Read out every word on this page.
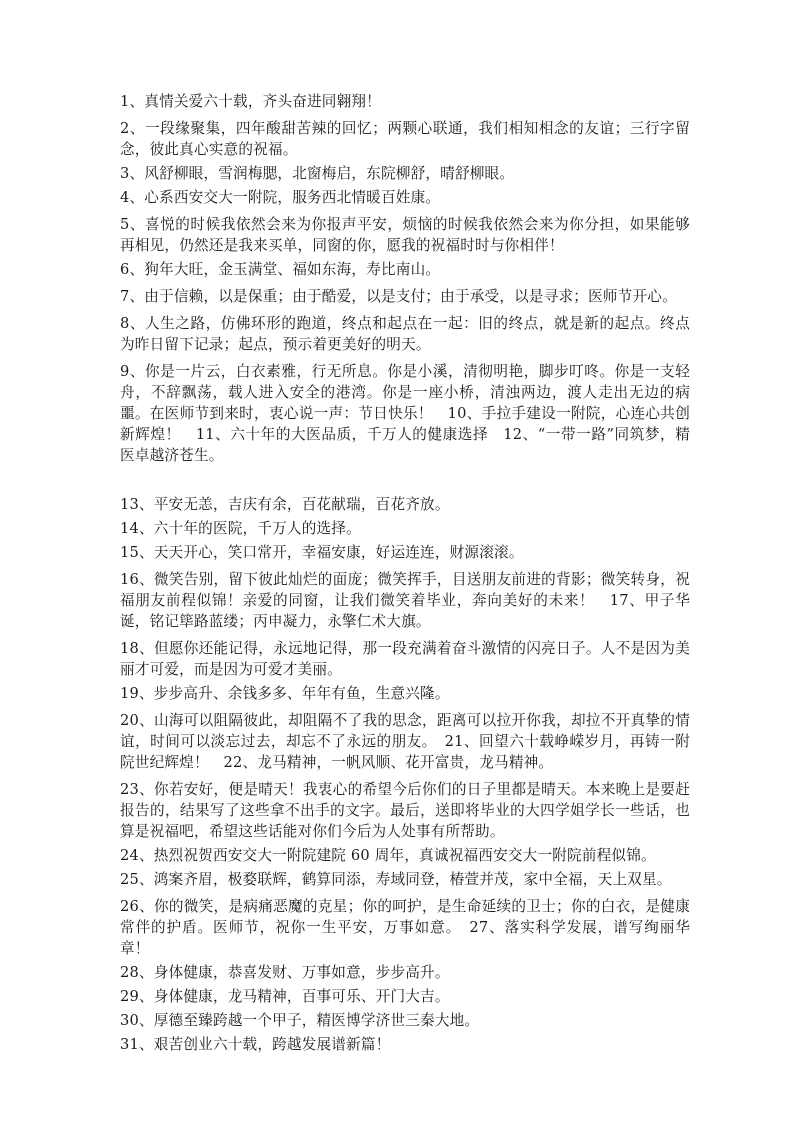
1、真情关爱六十载，齐头奋进同翱翔！

2、一段缘聚集，四年酸甜苦辣的回忆；两颗心联通，我们相知相念的友谊；三行字留念，彼此真心实意的祝福。

3、风舒柳眼，雪润梅腮，北窗梅启，东院柳舒，晴舒柳眼。

4、心系西安交大一附院，服务西北情暖百姓康。

5、喜悦的时候我依然会来为你报声平安，烦恼的时候我依然会来为你分担，如果能够再相见，仍然还是我来买单，同窗的你，愿我的祝福时时与你相伴！

6、狗年大旺，金玉满堂、福如东海，寿比南山。

7、由于信赖，以是保重；由于酷爱，以是支付；由于承受，以是寻求；医师节开心。

8、人生之路，仿佛环形的跑道，终点和起点在一起：旧的终点，就是新的起点。终点为昨日留下记录；起点，预示着更美好的明天。

9、你是一片云，白衣素雅，行无所息。你是小溪，清彻明艳，脚步叮咚。你是一支轻舟，不辞飘荡，载人进入安全的港湾。你是一座小桥，清浊两边，渡人走出无边的病噩。在医师节到来时，衷心说一声：节日快乐！　10、手拉手建设一附院，心连心共创新辉煌！　11、六十年的大医品质，千万人的健康选择　12、“一带一路”同筑梦，精医卓越济苍生。

13、平安无恙，吉庆有余，百花献瑞，百花齐放。

14、六十年的医院，千万人的选择。

15、天天开心，笑口常开，幸福安康，好运连连，财源滚滚。

16、微笑告别，留下彼此灿烂的面庞；微笑挥手，目送朋友前进的背影；微笑转身，祝福朋友前程似锦！亲爱的同窗，让我们微笑着毕业，奔向美好的未来！　17、甲子华诞，铭记筚路蓝缕；丙申凝力，永擎仁术大旗。

18、但愿你还能记得，永远地记得，那一段充满着奋斗激情的闪亮日子。人不是因为美丽才可爱，而是因为可爱才美丽。

19、步步高升、余钱多多、年年有鱼，生意兴隆。

20、山海可以阻隔彼此，却阻隔不了我的思念，距离可以拉开你我，却拉不开真挚的情谊，时间可以淡忘过去，却忘不了永远的朋友。　21、回望六十载峥嵘岁月，再铸一附院世纪辉煌！　22、龙马精神，一帆风顺、花开富贵，龙马精神。

23、你若安好，便是晴天！我衷心的希望今后你们的日子里都是晴天。本来晚上是要赶报告的，结果写了这些拿不出手的文字。最后，送即将毕业的大四学姐学长一些话，也算是祝福吧，希望这些话能对你们今后为人处事有所帮助。

24、热烈祝贺西安交大一附院建院 60 周年，真诚祝福西安交大一附院前程似锦。

25、鸿案齐眉，极婺联辉，鹤算同添，寿域同登，椿萱并茂，家中全福，天上双星。

26、你的微笑，是病痛恶魔的克星；你的呵护，是生命延续的卫士；你的白衣，是健康常伴的护盾。医师节，祝你一生平安，万事如意。　27、落实科学发展，谱写绚丽华章！

28、身体健康，恭喜发财、万事如意，步步高升。

29、身体健康，龙马精神，百事可乐、开门大吉。

30、厚德至臻跨越一个甲子，精医博学济世三秦大地。

31、艰苦创业六十载，跨越发展谱新篇！
